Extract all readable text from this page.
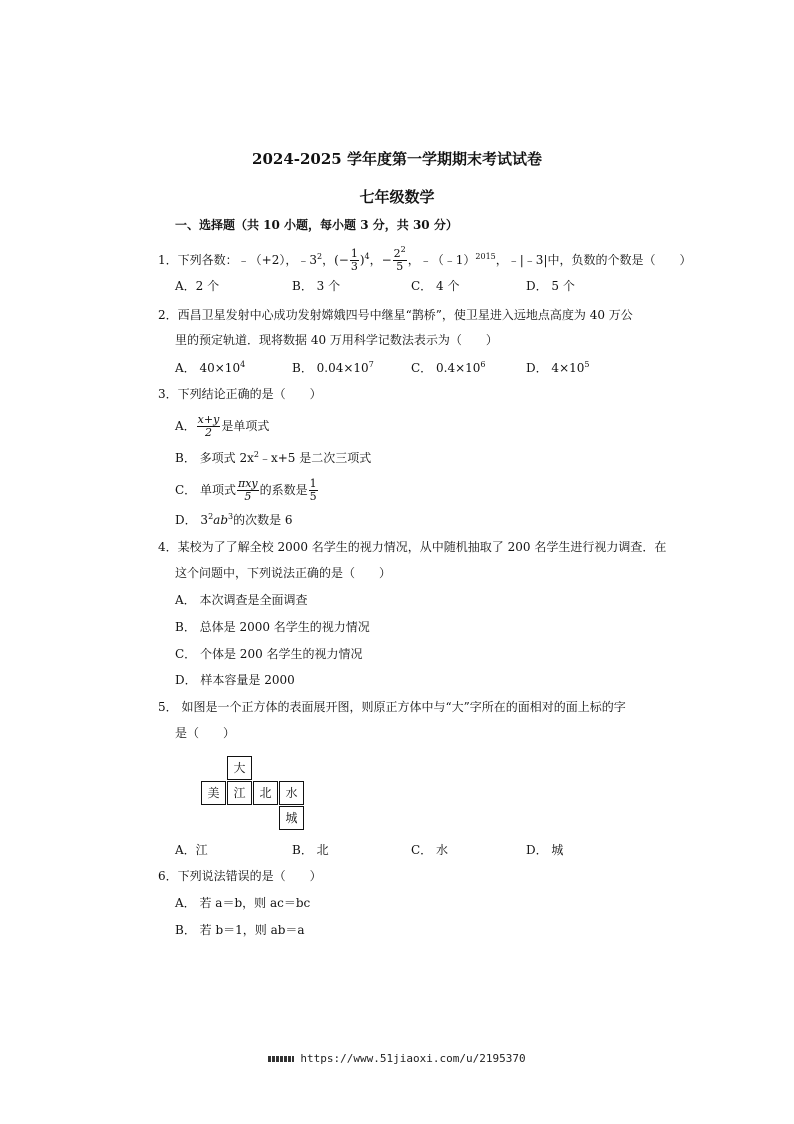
2024-2025 学年度第一学期期末考试试卷
七年级数学
一、选择题（共 10 小题，每小题 3 分，共 30 分）
1．下列各数：﹣（+2），$﹣3^2$，(− $\frac{1}{3} )^4$，− $\frac{2^2}{5}$ ，﹣（﹣1）$^{2015}$，﹣|﹣3|中，负数的个数是（　　）
A．2 个	B． 3 个	C． 4 个	D． 5 个
2．西昌卫星发射中心成功发射嫦娥四号中继星“鹊桥”，使卫星进入远地点高度为 40 万公
里的预定轨道．现将数据 40 万用科学记数法表示为（　　）
A． $40\times 10^4$	B． $0.04\times 10^7$	C． $0.4\times 10^6$	D． $4\times 10^5$
3．下列结论正确的是（　　）
A． $\frac{x+y}{2}$ 是单项式
B． 多项式 $2x^2﹣x+5$ 是二次三项式
C． 单项式 $\frac{\text{πxy}}{5}$ 的系数是 $\frac{1}{5}$
D． $3^2ab^3$的次数是 6
4．某校为了了解全校 2000 名学生的视力情况，从中随机抽取了 200 名学生进行视力调查．在
这个问题中，下列说法正确的是（　　）
A． 本次调查是全面调查
B． 总体是 2000 名学生的视力情况
C． 个体是 200 名学生的视力情况
D． 样本容量是 2000
5． 如图是一个正方体的表面展开图，则原正方体中与“大”字所在的面相对的面上标的字
是（　　）
大
美	江	北	水
城
A．江	B． 北	C． 水	D． 城
6．下列说法错误的是（　　）
A． 若 a＝b，则 ac＝bc
B． 若 b＝1，则 ab＝a
https://www.51jiaoxi.com/u/2195370
